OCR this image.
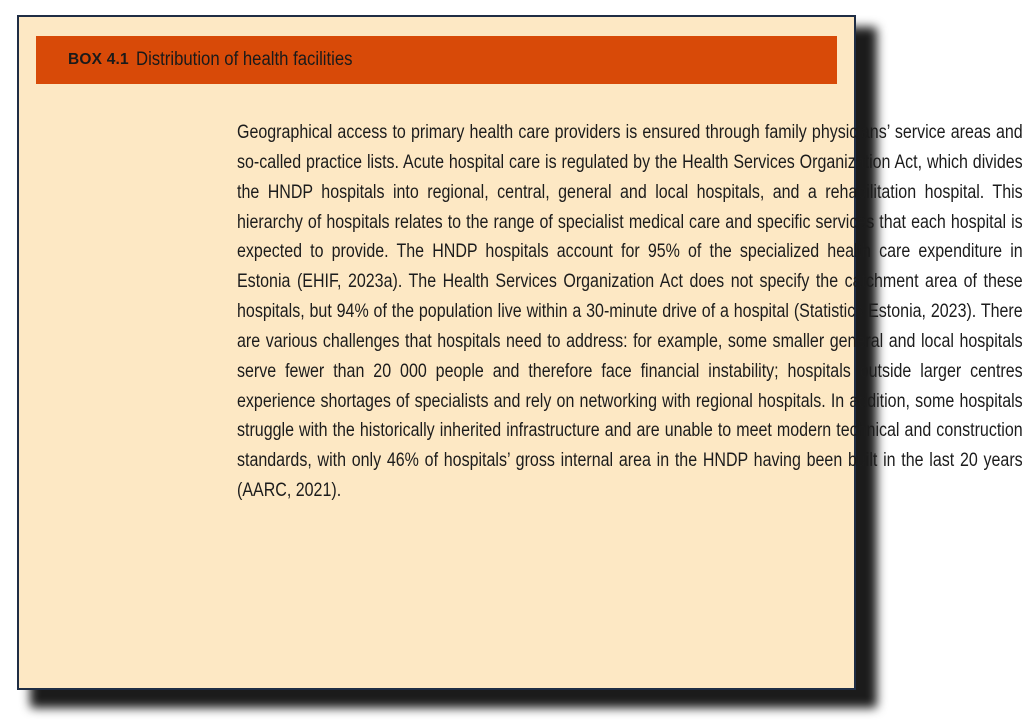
BOX 4.1 Distribution of health facilities

Geographical access to primary health care providers is ensured through family physicians’ service areas and so-called practice lists. Acute hospital care is regulated by the Health Services Organization Act, which divides the HNDP hospitals into regional, central, general and local hospitals, and a rehabilitation hospital. This hierarchy of hospitals relates to the range of specialist medical care and specific services that each hospital is expected to provide. The HNDP hospitals account for 95% of the specialized health care expenditure in Estonia (EHIF, 2023a). The Health Services Organization Act does not specify the catchment area of these hospitals, but 94% of the population live within a 30-minute drive of a hospital (Statistics Estonia, 2023). There are various challenges that hospitals need to address: for example, some smaller general and local hospitals serve fewer than 20 000 people and therefore face financial instability; hospitals outside larger centres experience shortages of specialists and rely on networking with regional hospitals. In addition, some hospitals struggle with the historically inherited infrastructure and are unable to meet modern technical and construction standards, with only 46% of hospitals’ gross internal area in the HNDP having been built in the last 20 years (AARC, 2021).
